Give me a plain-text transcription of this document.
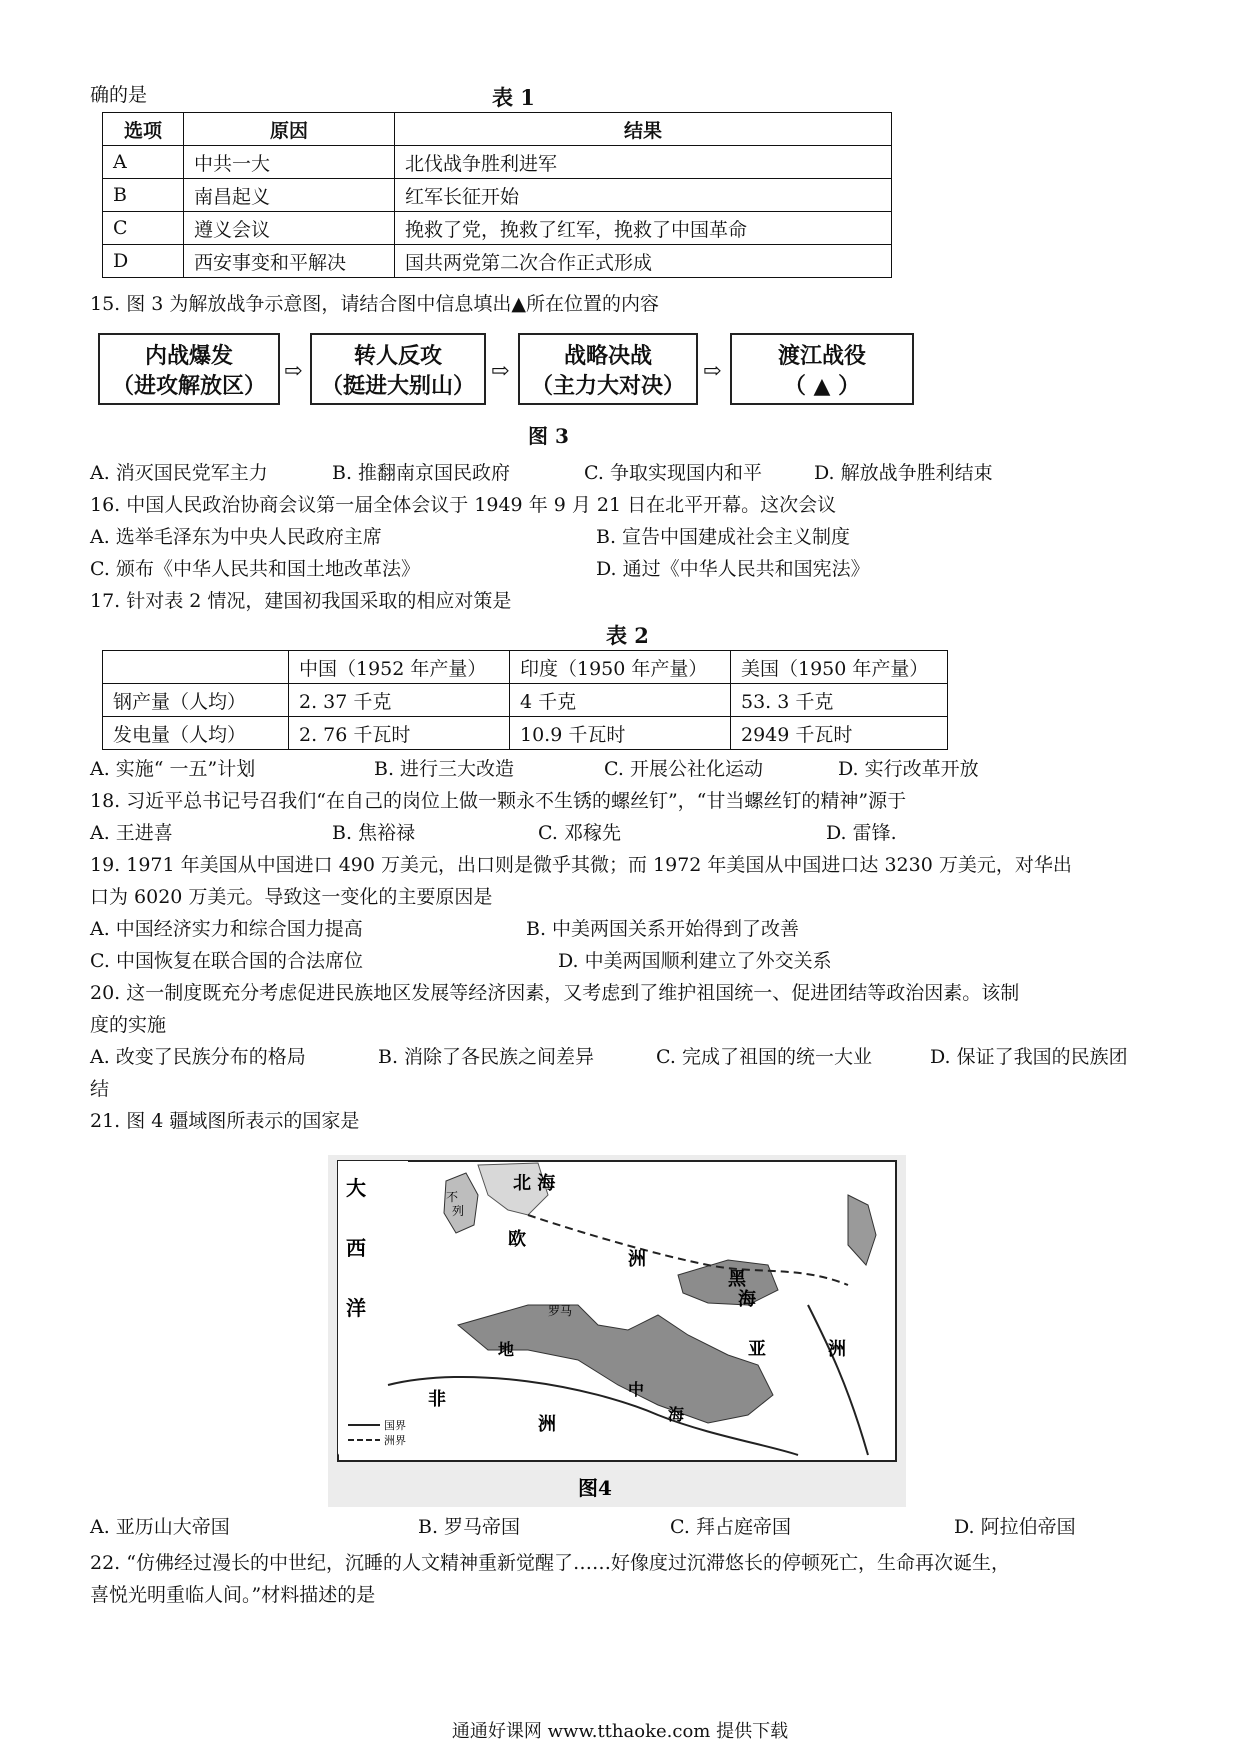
确的是	表 1
选项	原因	结果
A	中共一大	北伐战争胜利进军
B	南昌起义	红军长征开始
C	遵义会议	挽救了党，挽救了红军，挽救了中国革命
D	西安事变和平解决	国共两党第二次合作正式形成
15. 图 3 为解放战争示意图，请结合图中信息填出▲所在位置的内容
内战爆发
（进攻解放区）
⇨
转人反攻
（挺进大别山）
⇨
战略决战
（主力大对决）
⇨
渡江战役
（ ▲ ）
图 3
A. 消灭国民党军主力	B. 推翻南京国民政府	C. 争取实现国内和平	D. 解放战争胜利结束
16. 中国人民政治协商会议第一届全体会议于 1949 年 9 月 21 日在北平开幕。这次会议
A. 选举毛泽东为中央人民政府主席	B. 宣告中国建成社会主义制度
C. 颁布《中华人民共和国土地改革法》	D. 通过《中华人民共和国宪法》
17. 针对表 2 情况，建国初我国采取的相应对策是
表 2
	中国（1952 年产量）	印度（1950 年产量）	美国（1950 年产量）
钢产量（人均）	2. 37 千克	4 千克	53. 3 千克
发电量（人均）	2. 76 千瓦时	10.9 千瓦时	2949 千瓦时
A. 实施“ 一五”计划	B. 进行三大改造	C. 开展公社化运动	D. 实行改革开放
18. 习近平总书记号召我们“在自己的岗位上做一颗永不生锈的螺丝钉”，“甘当螺丝钉的精神”源于
A. 王进喜	B. 焦裕禄	C. 邓稼先	D. 雷锋.
19. 1971 年美国从中国进口 490 万美元，出口则是微乎其微；而 1972 年美国从中国进口达 3230 万美元，对华出
口为 6020 万美元。导致这一变化的主要原因是
A. 中国经济实力和综合国力提高	B. 中美两国关系开始得到了改善
C. 中国恢复在联合国的合法席位	D. 中美两国顺利建立了外交关系
20. 这一制度既充分考虑促进民族地区发展等经济因素，又考虑到了维护祖国统一、促进团结等政治因素。该制
度的实施
A. 改变了民族分布的格局	B. 消除了各民族之间差异	C. 完成了祖国的统一大业	D. 保证了我国的民族团
结
21. 图 4 疆域图所表示的国家是
北 海
大
西
洋
不
列
欧
洲
黑
海
亚	洲
非
洲
地
中
海
罗马
国界
洲界
图4
A. 亚历山大帝国	B. 罗马帝国	C. 拜占庭帝国	D. 阿拉伯帝国
22. “仿佛经过漫长的中世纪，沉睡的人文精神重新觉醒了……好像度过沉滞悠长的停顿死亡，生命再次诞生，
喜悦光明重临人间。”材料描述的是
通通好课网 www.tthaoke.com 提供下载
